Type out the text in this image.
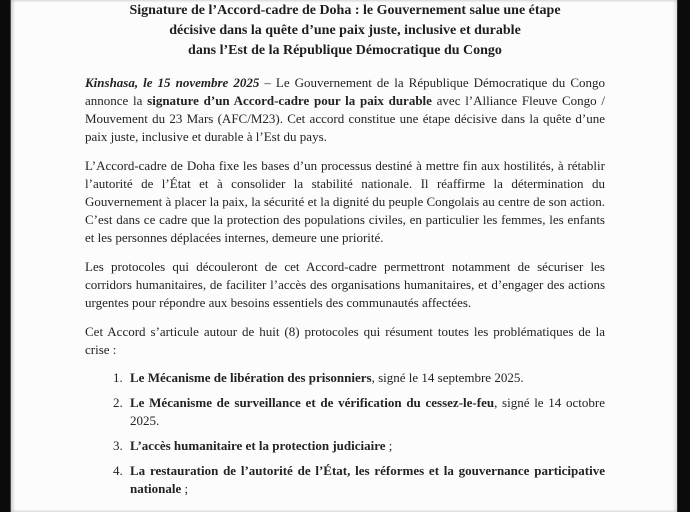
Signature de l’Accord-cadre de Doha : le Gouvernement salue une étape
décisive dans la quête d’une paix juste, inclusive et durable
dans l’Est de la République Démocratique du Congo

Kinshasa, le 15 novembre 2025 – Le Gouvernement de la République Démocratique du Congo annonce la signature d’un Accord-cadre pour la paix durable avec l’Alliance Fleuve Congo / Mouvement du 23 Mars (AFC/M23). Cet accord constitue une étape décisive dans la quête d’une paix juste, inclusive et durable à l’Est du pays.

L’Accord-cadre de Doha fixe les bases d’un processus destiné à mettre fin aux hostilités, à rétablir l’autorité de l’État et à consolider la stabilité nationale. Il réaffirme la détermination du Gouvernement à placer la paix, la sécurité et la dignité du peuple Congolais au centre de son action. C’est dans ce cadre que la protection des populations civiles, en particulier les femmes, les enfants et les personnes déplacées internes, demeure une priorité.

Les protocoles qui découleront de cet Accord-cadre permettront notamment de sécuriser les corridors humanitaires, de faciliter l’accès des organisations humanitaires, et d’engager des actions urgentes pour répondre aux besoins essentiels des communautés affectées.

Cet Accord s’articule autour de huit (8) protocoles qui résument toutes les problématiques de la crise :

1. Le Mécanisme de libération des prisonniers, signé le 14 septembre 2025.
2. Le Mécanisme de surveillance et de vérification du cessez-le-feu, signé le 14 octobre 2025.
3. L’accès humanitaire et la protection judiciaire ;
4. La restauration de l’autorité de l’État, les réformes et la gouvernance participative nationale ;
